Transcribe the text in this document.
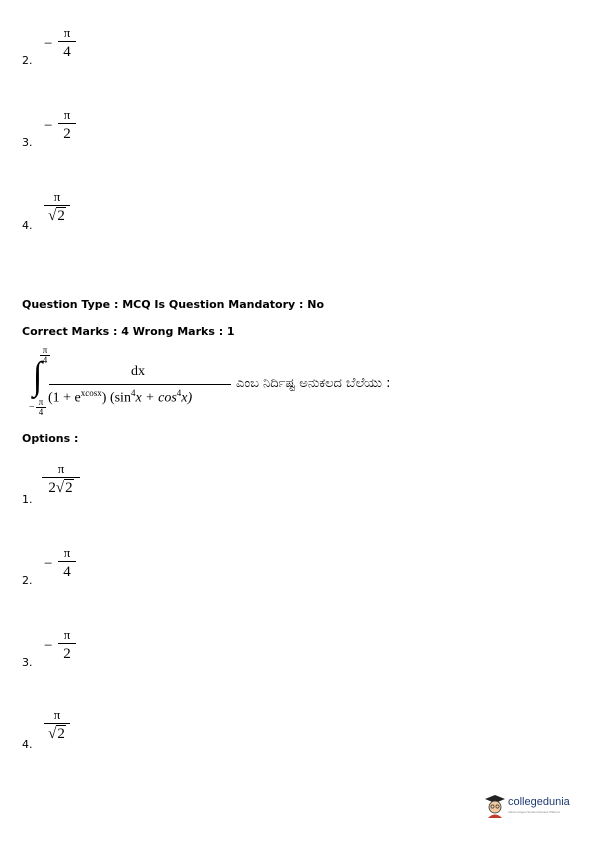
2.
−
π
4
3.
−
π
2
4.
π
√2
Question Type : MCQ Is Question Mandatory : No
Correct Marks : 4 Wrong Marks : 1
π
4
∫
− π
4
dx
$(1 + e^{xcosx})$ $(\sin^4x + \cos^4x)$
ಎಂಬ ನಿರ್ದಿಷ್ಟ ಅನುಕಲದ ಬೆಲೆಯು :
Options :
1.
π
2√2
2.
−
π
4
3.
−
π
2
4.
π
√2
collegedunia
India's largest Student Review Platform
